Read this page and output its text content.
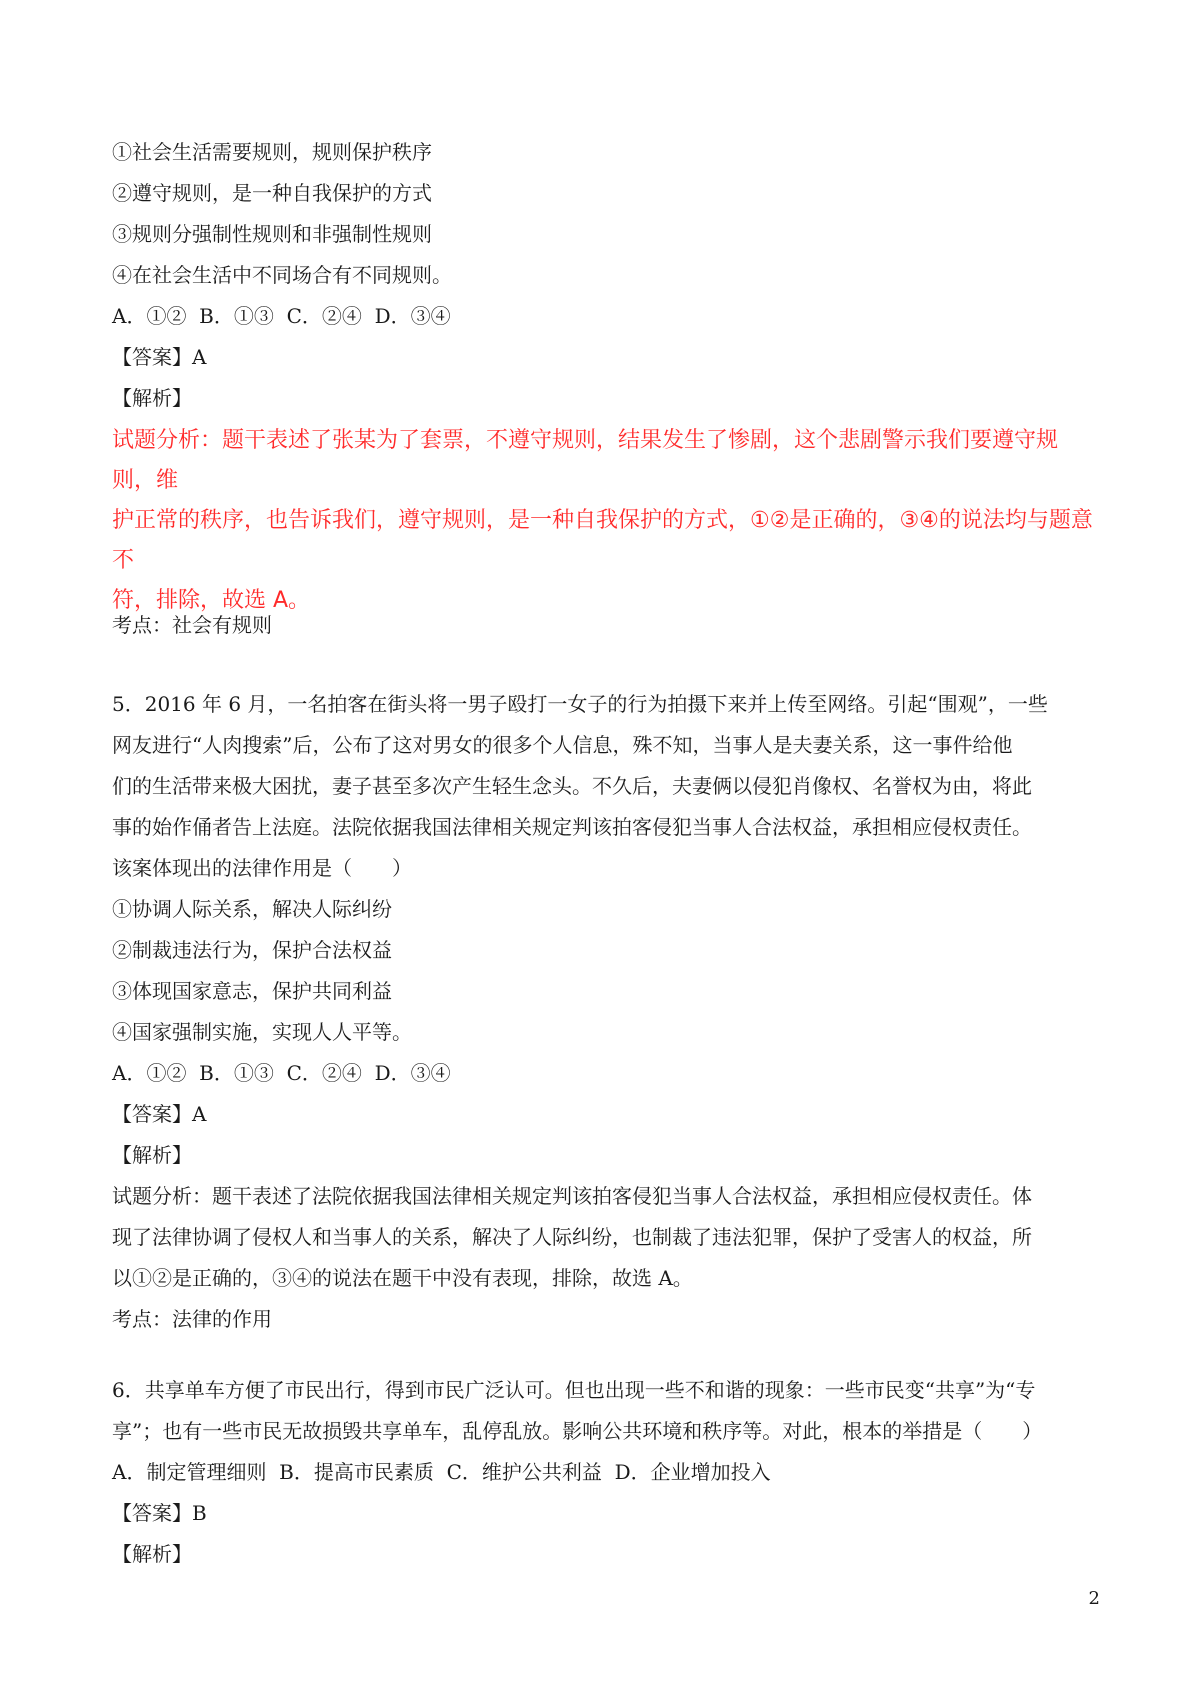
①社会生活需要规则，规则保护秩序
②遵守规则，是一种自我保护的方式
③规则分强制性规则和非强制性规则
④在社会生活中不同场合有不同规则。
A．①②  B．①③  C．②④  D．③④
【答案】A
【解析】
试题分析：题干表述了张某为了套票，不遵守规则，结果发生了惨剧，这个悲剧警示我们要遵守规则，维
护正常的秩序，也告诉我们，遵守规则，是一种自我保护的方式，①②是正确的，③④的说法均与题意不
符，排除，故选 A。
考点：社会有规则
5．2016 年 6 月，一名拍客在街头将一男子殴打一女子的行为拍摄下来并上传至网络。引起“围观”，一些
网友进行“人肉搜索”后，公布了这对男女的很多个人信息，殊不知，当事人是夫妻关系，这一事件给他
们的生活带来极大困扰，妻子甚至多次产生轻生念头。不久后，夫妻俩以侵犯肖像权、名誉权为由，将此
事的始作俑者告上法庭。法院依据我国法律相关规定判该拍客侵犯当事人合法权益，承担相应侵权责任。
该案体现出的法律作用是（　　）
①协调人际关系，解决人际纠纷
②制裁违法行为，保护合法权益
③体现国家意志，保护共同利益
④国家强制实施，实现人人平等。
A．①②  B．①③  C．②④  D．③④
【答案】A
【解析】
试题分析：题干表述了法院依据我国法律相关规定判该拍客侵犯当事人合法权益，承担相应侵权责任。体
现了法律协调了侵权人和当事人的关系，解决了人际纠纷，也制裁了违法犯罪，保护了受害人的权益，所
以①②是正确的，③④的说法在题干中没有表现，排除，故选 A。
考点：法律的作用
6．共享单车方便了市民出行，得到市民广泛认可。但也出现一些不和谐的现象：一些市民变“共享”为“专
享”；也有一些市民无故损毁共享单车，乱停乱放。影响公共环境和秩序等。对此，根本的举措是（　　）
A．制定管理细则  B．提高市民素质  C．维护公共利益  D．企业增加投入
【答案】B
【解析】
2
